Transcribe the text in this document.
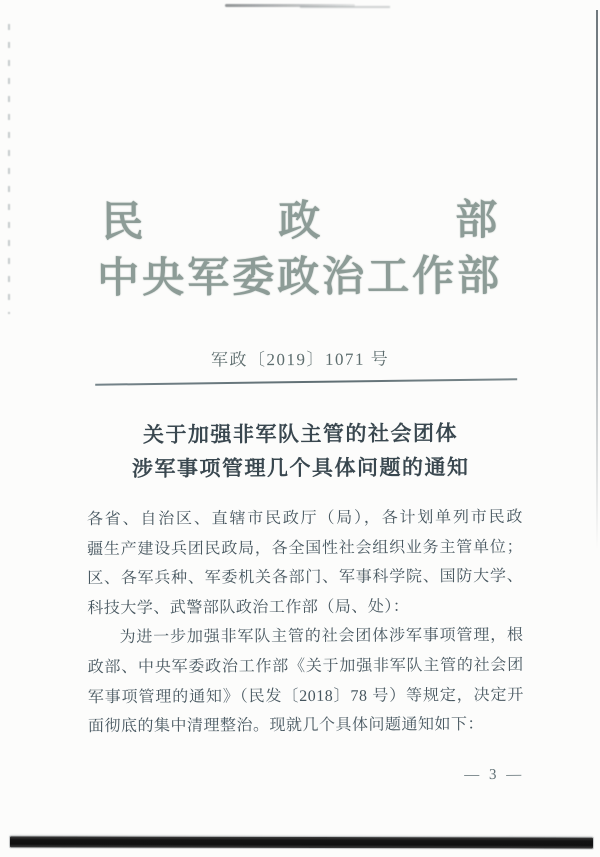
民	政	部
中央军委政治工作部
军政〔2019〕1071 号
关于加强非军队主管的社会团体
涉军事项管理几个具体问题的通知
各省、自治区、直辖市民政厅（局），各计划单列市民政局，新
疆生产建设兵团民政局，各全国性社会组织业务主管单位；各战
区、各军兵种、军委机关各部门、军事科学院、国防大学、国防
科技大学、武警部队政治工作部（局、处）：
为进一步加强非军队主管的社会团体涉军事项管理，根据民
政部、中央军委政治工作部《关于加强非军队主管的社会团体涉
军事项管理的通知》（民发〔2018〕78 号）等规定，决定开展一次全
面彻底的集中清理整治。现就几个具体问题通知如下：
— 3 —
